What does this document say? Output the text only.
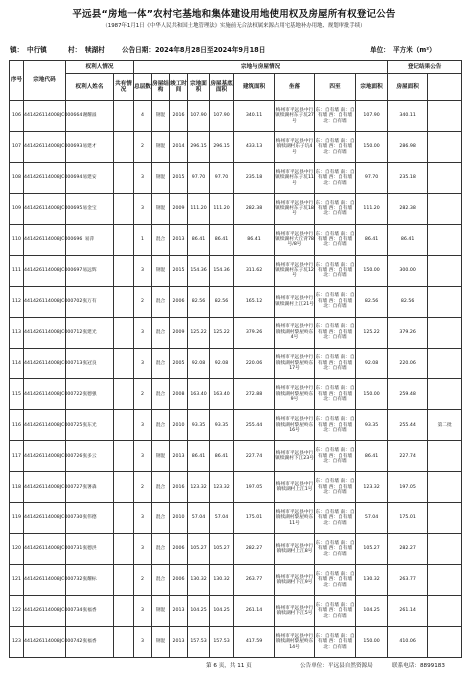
平远县“房地一体”农村宅基地和集体建设用地使用权及房屋所有权登记公告
（1987年1月1日《中华人民共和国土地管理法》实施前无合法权属来源占用宅基地补办用地、规划审批手续）
镇： 中行镇	村： 犊湖村	公告日期：2024年8月28日至2024年9月18日	单位： 平方米（m²）
序号	宗地代码	权利人情况		宗地与房屋情况									登记结果公告	
		权利人姓名	共有情况	总层数	房屋结构	竣工时间	宗地面积	房屋基底面积	建筑面积	坐落	四至	宗地面积	房屋面积		
106	441426114008JC000664	谢耀溢		4	钢混	2016	107.90	107.90	340.11	梅州市平远县中行镇犊湖村东子坑27号	东：自有墙 南：自有墙 西：自有墙 北：自有墙	107.90	340.11		
107	441426114008JC000693	易建才		2	钢混	2014	296.15	296.15	433.13	梅州市平远县中行镇犊湖村东子坑4号	东：自有墙 南：自有墙 西：自有墙 北：自有墙	150.00	286.98		
108	441426114008JC000694	易建安		3	钢混	2015	97.70	97.70	235.18	梅州市平远县中行镇犊湖村东子坑11号	东：自有墙 南：自有墙 西：自有墙 北：自有墙	97.70	235.18		
109	441426114008JC000695	易金宝		3	钢混	2009	111.20	111.20	282.38	梅州市平远县中行镇犊湖村东子坑18号	东：自有墙 南：自有墙 西：自有墙 北：自有墙	111.20	282.38		
110	441426114008JC000696	易萍		1	混合	2013	86.41	86.41	86.41	梅州市平远县中行镇犊湖村大丘背78号/8号	东：自有墙 南：自有墙 西：自有墙 北：自有墙	86.41	86.41		
111	441426114008JC000697	易远辉		3	钢混	2015	154.36	154.36	311.62	梅州市平远县中行镇犊湖村东子坑12号	东：自有墙 南：自有墙 西：自有墙 北：自有墙	150.00	300.00		
112	441426114008JC000702	张万有		2	混合	2006	82.56	82.56	165.12	梅州市平远县中行镇犊湖村上江21号	东：自有墙 南：自有墙 西：自有墙 北：自有墙	82.56	82.56		
113	441426114008JC000712	张建光		3	混合	2009	125.22	125.22	379.26	梅州市平远县中行镇犊湖村黎屋岭东4号	东：自有墙 南：自有墙 西：自有墙 北：自有墙	125.22	379.26		
114	441426114008JC000713	张冠良		3	混合	2005	92.08	92.08	220.06	梅州市平远县中行镇犊湖村黎屋岭东17号	东：自有墙 南：自有墙 西：自有墙 北：自有墙	92.08	220.06		
115	441426114008JC000722	张德强		2	混合	2008	163.40	163.40	272.88	梅州市平远县中行镇犊湖村黎屋岭东9号	东：自有墙 南：自有墙 西：自有墙 北：自有墙	150.00	259.48		
116	441426114008JC000725	张东光		3	混合	2010	93.35	93.35	255.44	梅州市平远县中行镇犊湖村黎屋岭东16号	东：自有墙 南：自有墙 西：自有墙 北：自有墙	93.35	255.44	第二批	
117	441426114008JC000726	张多云		3	钢混	2013	86.41	86.41	227.74	梅州市平远县中行镇犊湖村下江23号	东：自有墙 南：自有墙 西：自有墙 北：自有墙	86.41	227.74		
118	441426114008JC000727	张署森		2	混合	2016	123.32	123.32	197.05	梅州市平远县中行镇犊湖村上江1号	东：自有墙 南：自有墙 西：自有墙 北：自有墙	123.32	197.05		
119	441426114008JC000730	张伟德		3	混合	2010	57.04	57.04	175.01	梅州市平远县中行镇犊湖村黎屋岭东11号	东：自有墙 南：自有墙 西：自有墙 北：自有墙	57.04	175.01		
120	441426114008JC000731	张德洪		3	混合	2006	105.27	105.27	282.27	梅州市平远县中行镇犊湖村上江8号	东：自有墙 南：自有墙 西：自有墙 北：自有墙	105.27	282.27		
121	441426114008JC000732	张耀标		2	混合	2006	130.32	130.32	263.77	梅州市平远县中行镇犊湖村下江9号	东：自有墙 南：自有墙 西：自有墙 北：自有墙	130.32	263.77		
122	441426114008JC000734	张福香		3	钢混	2013	104.25	104.25	261.14	梅州市平远县中行镇犊湖村下江5号	东：自有墙 南：自有墙 西：自有墙 北：自有墙	104.25	261.14		
123	441426114008JC000742	张福香		3	钢混	2013	157.53	157.53	417.59	梅州市平远县中行镇犊湖村黎屋岭东14号	东：自有墙 南：自有墙 西：自有墙 北：自有墙	150.00	410.06		
第 6 页，共 11 页	公告单位：平远县自然资源局	联系电话：8899183
